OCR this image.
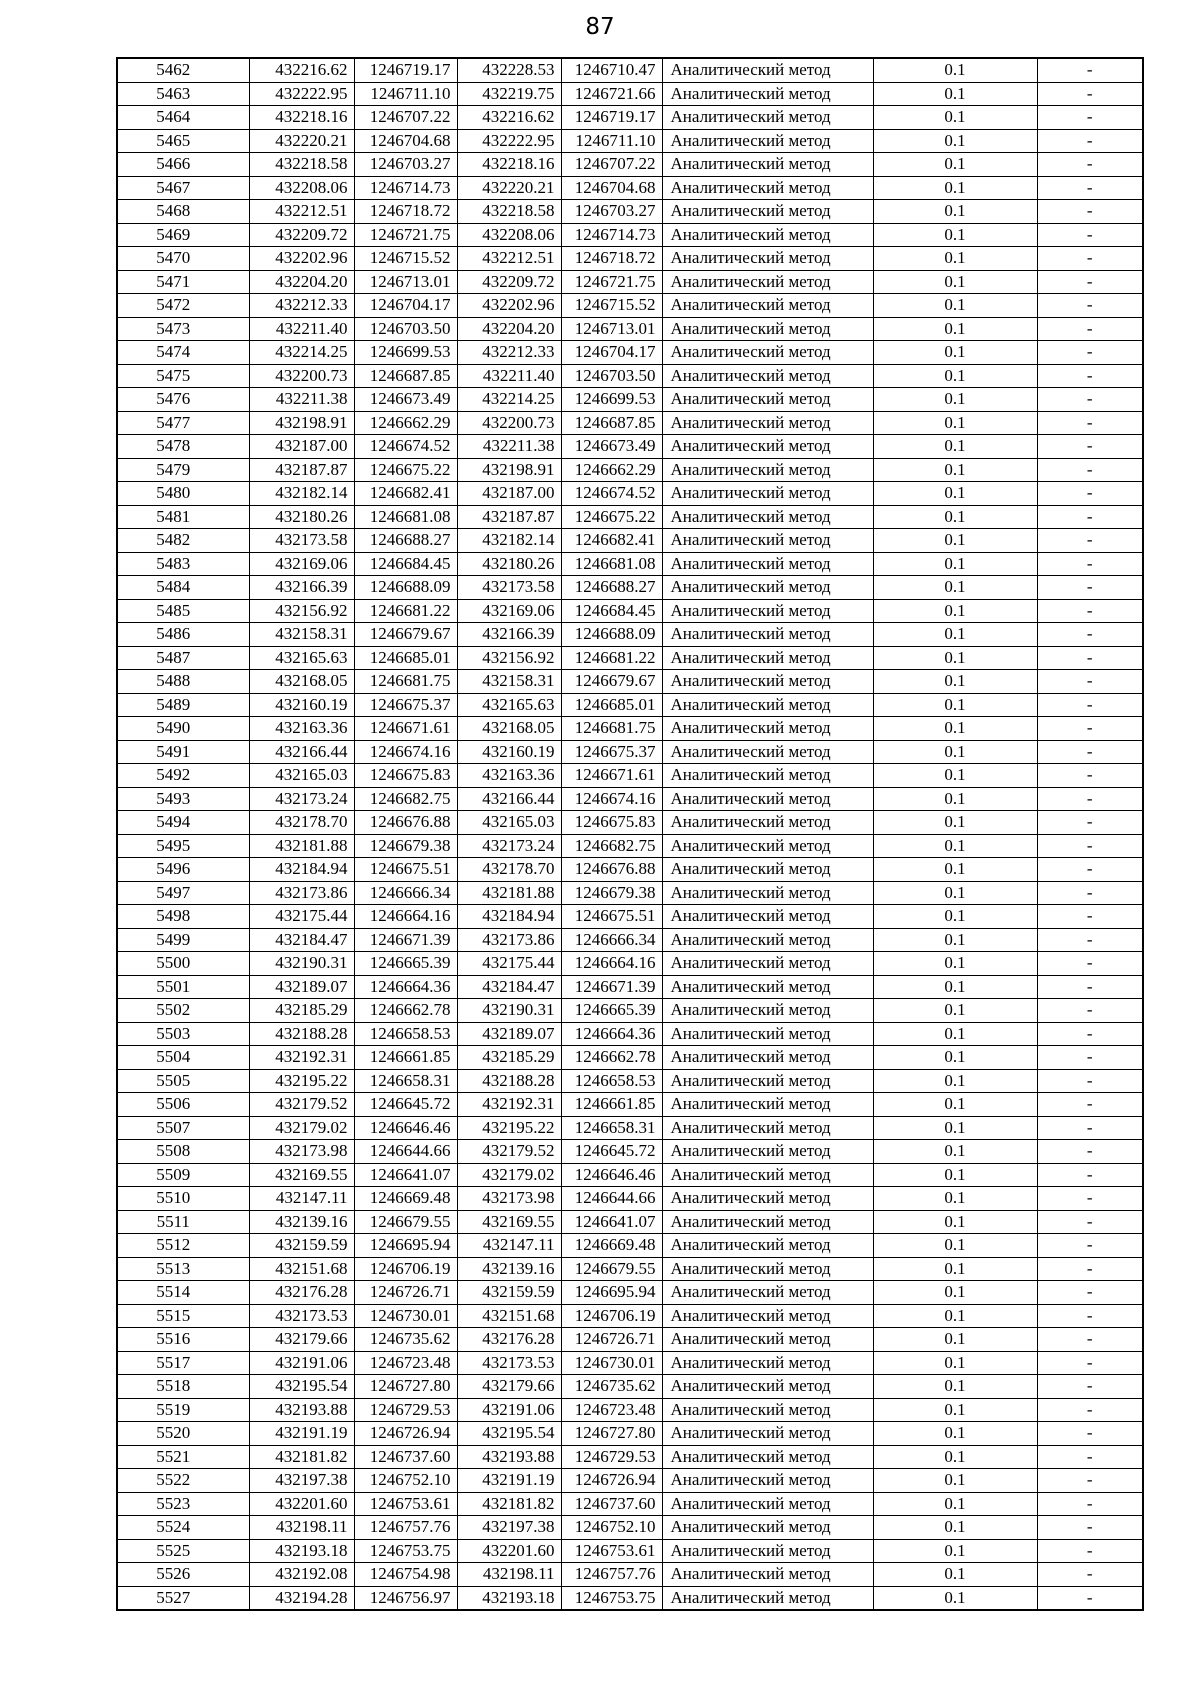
87
5462	432216.62	1246719.17	432228.53	1246710.47	Аналитический метод	0.1	-
5463	432222.95	1246711.10	432219.75	1246721.66	Аналитический метод	0.1	-
5464	432218.16	1246707.22	432216.62	1246719.17	Аналитический метод	0.1	-
5465	432220.21	1246704.68	432222.95	1246711.10	Аналитический метод	0.1	-
5466	432218.58	1246703.27	432218.16	1246707.22	Аналитический метод	0.1	-
5467	432208.06	1246714.73	432220.21	1246704.68	Аналитический метод	0.1	-
5468	432212.51	1246718.72	432218.58	1246703.27	Аналитический метод	0.1	-
5469	432209.72	1246721.75	432208.06	1246714.73	Аналитический метод	0.1	-
5470	432202.96	1246715.52	432212.51	1246718.72	Аналитический метод	0.1	-
5471	432204.20	1246713.01	432209.72	1246721.75	Аналитический метод	0.1	-
5472	432212.33	1246704.17	432202.96	1246715.52	Аналитический метод	0.1	-
5473	432211.40	1246703.50	432204.20	1246713.01	Аналитический метод	0.1	-
5474	432214.25	1246699.53	432212.33	1246704.17	Аналитический метод	0.1	-
5475	432200.73	1246687.85	432211.40	1246703.50	Аналитический метод	0.1	-
5476	432211.38	1246673.49	432214.25	1246699.53	Аналитический метод	0.1	-
5477	432198.91	1246662.29	432200.73	1246687.85	Аналитический метод	0.1	-
5478	432187.00	1246674.52	432211.38	1246673.49	Аналитический метод	0.1	-
5479	432187.87	1246675.22	432198.91	1246662.29	Аналитический метод	0.1	-
5480	432182.14	1246682.41	432187.00	1246674.52	Аналитический метод	0.1	-
5481	432180.26	1246681.08	432187.87	1246675.22	Аналитический метод	0.1	-
5482	432173.58	1246688.27	432182.14	1246682.41	Аналитический метод	0.1	-
5483	432169.06	1246684.45	432180.26	1246681.08	Аналитический метод	0.1	-
5484	432166.39	1246688.09	432173.58	1246688.27	Аналитический метод	0.1	-
5485	432156.92	1246681.22	432169.06	1246684.45	Аналитический метод	0.1	-
5486	432158.31	1246679.67	432166.39	1246688.09	Аналитический метод	0.1	-
5487	432165.63	1246685.01	432156.92	1246681.22	Аналитический метод	0.1	-
5488	432168.05	1246681.75	432158.31	1246679.67	Аналитический метод	0.1	-
5489	432160.19	1246675.37	432165.63	1246685.01	Аналитический метод	0.1	-
5490	432163.36	1246671.61	432168.05	1246681.75	Аналитический метод	0.1	-
5491	432166.44	1246674.16	432160.19	1246675.37	Аналитический метод	0.1	-
5492	432165.03	1246675.83	432163.36	1246671.61	Аналитический метод	0.1	-
5493	432173.24	1246682.75	432166.44	1246674.16	Аналитический метод	0.1	-
5494	432178.70	1246676.88	432165.03	1246675.83	Аналитический метод	0.1	-
5495	432181.88	1246679.38	432173.24	1246682.75	Аналитический метод	0.1	-
5496	432184.94	1246675.51	432178.70	1246676.88	Аналитический метод	0.1	-
5497	432173.86	1246666.34	432181.88	1246679.38	Аналитический метод	0.1	-
5498	432175.44	1246664.16	432184.94	1246675.51	Аналитический метод	0.1	-
5499	432184.47	1246671.39	432173.86	1246666.34	Аналитический метод	0.1	-
5500	432190.31	1246665.39	432175.44	1246664.16	Аналитический метод	0.1	-
5501	432189.07	1246664.36	432184.47	1246671.39	Аналитический метод	0.1	-
5502	432185.29	1246662.78	432190.31	1246665.39	Аналитический метод	0.1	-
5503	432188.28	1246658.53	432189.07	1246664.36	Аналитический метод	0.1	-
5504	432192.31	1246661.85	432185.29	1246662.78	Аналитический метод	0.1	-
5505	432195.22	1246658.31	432188.28	1246658.53	Аналитический метод	0.1	-
5506	432179.52	1246645.72	432192.31	1246661.85	Аналитический метод	0.1	-
5507	432179.02	1246646.46	432195.22	1246658.31	Аналитический метод	0.1	-
5508	432173.98	1246644.66	432179.52	1246645.72	Аналитический метод	0.1	-
5509	432169.55	1246641.07	432179.02	1246646.46	Аналитический метод	0.1	-
5510	432147.11	1246669.48	432173.98	1246644.66	Аналитический метод	0.1	-
5511	432139.16	1246679.55	432169.55	1246641.07	Аналитический метод	0.1	-
5512	432159.59	1246695.94	432147.11	1246669.48	Аналитический метод	0.1	-
5513	432151.68	1246706.19	432139.16	1246679.55	Аналитический метод	0.1	-
5514	432176.28	1246726.71	432159.59	1246695.94	Аналитический метод	0.1	-
5515	432173.53	1246730.01	432151.68	1246706.19	Аналитический метод	0.1	-
5516	432179.66	1246735.62	432176.28	1246726.71	Аналитический метод	0.1	-
5517	432191.06	1246723.48	432173.53	1246730.01	Аналитический метод	0.1	-
5518	432195.54	1246727.80	432179.66	1246735.62	Аналитический метод	0.1	-
5519	432193.88	1246729.53	432191.06	1246723.48	Аналитический метод	0.1	-
5520	432191.19	1246726.94	432195.54	1246727.80	Аналитический метод	0.1	-
5521	432181.82	1246737.60	432193.88	1246729.53	Аналитический метод	0.1	-
5522	432197.38	1246752.10	432191.19	1246726.94	Аналитический метод	0.1	-
5523	432201.60	1246753.61	432181.82	1246737.60	Аналитический метод	0.1	-
5524	432198.11	1246757.76	432197.38	1246752.10	Аналитический метод	0.1	-
5525	432193.18	1246753.75	432201.60	1246753.61	Аналитический метод	0.1	-
5526	432192.08	1246754.98	432198.11	1246757.76	Аналитический метод	0.1	-
5527	432194.28	1246756.97	432193.18	1246753.75	Аналитический метод	0.1	-
